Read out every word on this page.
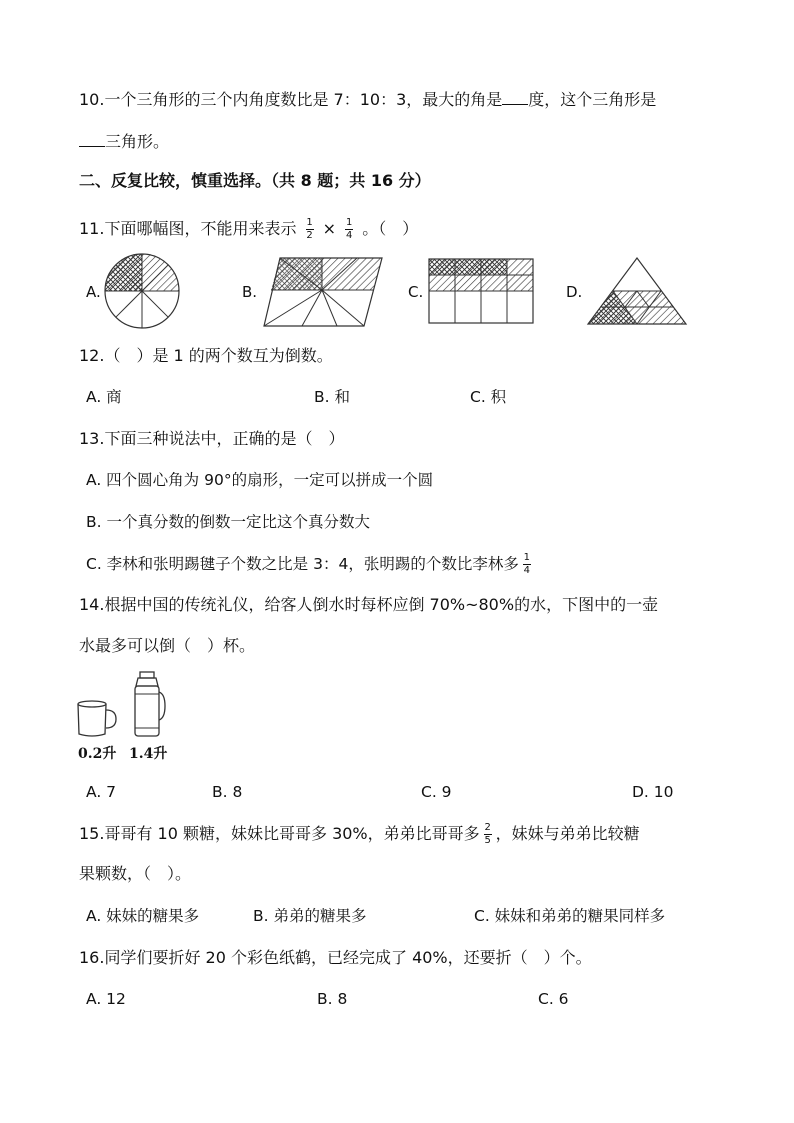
10.一个三角形的三个内角度数比是 7：10：3，最大的角是 度，这个三角形是
三角形。
二、反复比较，慎重选择。（共 8 题；共 16 分）
11.下面哪幅图，不能用来表示 $\frac{1}{2} \times \frac{1}{4}$ 。（　）
A.	B.	C.	D.
12.（　）是 1 的两个数互为倒数。
A. 商	B. 和	C. 积
13.下面三种说法中，正确的是（　）
A. 四个圆心角为 90°的扇形，一定可以拼成一个圆
B. 一个真分数的倒数一定比这个真分数大
C. 李林和张明踢毽子个数之比是 3：4，张明踢的个数比李林多 $\frac{1}{4}$
14.根据中国的传统礼仪，给客人倒水时每杯应倒 70%~80%的水，下图中的一壶
水最多可以倒（　）杯。
0.2升 1.4升
A. 7	B. 8	C. 9	D. 10
15.哥哥有 10 颗糖，妹妹比哥哥多 30%，弟弟比哥哥多 $\frac{2}{5}$ ，妹妹与弟弟比较糖
果颗数，（　）。
A. 妹妹的糖果多	B. 弟弟的糖果多	C. 妹妹和弟弟的糖果同样多
16.同学们要折好 20 个彩色纸鹤，已经完成了 40%，还要折（　）个。
A. 12	B. 8	C. 6
